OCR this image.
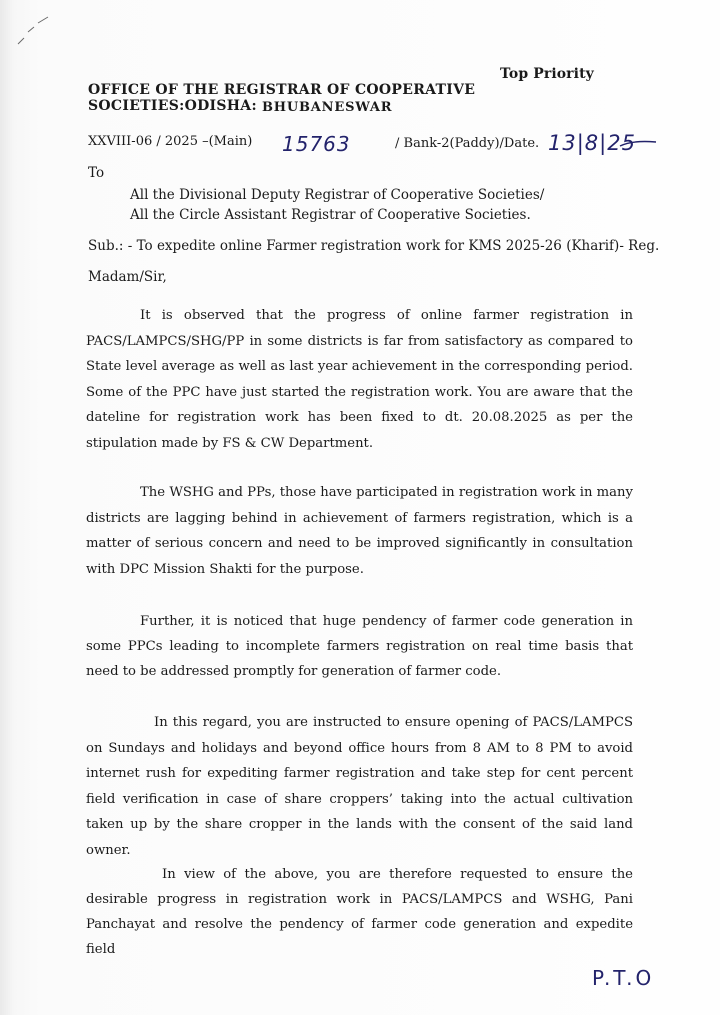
Top Priority
OFFICE OF THE REGISTRAR OF COOPERATIVE SOCIETIES:ODISHA: BHUBANESWAR
XXVIII-06 / 2025 –(Main) 15763	/ Bank-2(Paddy)/Date. 13|8|25
To
All the Divisional Deputy Registrar of Cooperative Societies/
All the Circle Assistant Registrar of Cooperative Societies.
Sub.: - To expedite online Farmer registration work for KMS 2025-26 (Kharif)- Reg.
Madam/Sir,

It is observed that the progress of online farmer registration in PACS/LAMPCS/SHG/PP in some districts is far from satisfactory as compared to State level average as well as last year achievement in the corresponding period. Some of the PPC have just started the registration work. You are aware that the dateline for registration work has been fixed to dt. 20.08.2025 as per the stipulation made by FS & CW Department.

The WSHG and PPs, those have participated in registration work in many districts are lagging behind in achievement of farmers registration, which is a matter of serious concern and need to be improved significantly in consultation with DPC Mission Shakti for the purpose.

Further, it is noticed that huge pendency of farmer code generation in some PPCs leading to incomplete farmers registration on real time basis that need to be addressed promptly for generation of farmer code.

In this regard, you are instructed to ensure opening of PACS/LAMPCS on Sundays and holidays and beyond office hours from 8 AM to 8 PM to avoid internet rush for expediting farmer registration and take step for cent percent field verification in case of share croppers’ taking into the actual cultivation taken up by the share cropper in the lands with the consent of the said land owner.

In view of the above, you are therefore requested to ensure the desirable progress in registration work in PACS/LAMPCS and WSHG, Pani Panchayat and resolve the pendency of farmer code generation and expedite field

P.T.O
